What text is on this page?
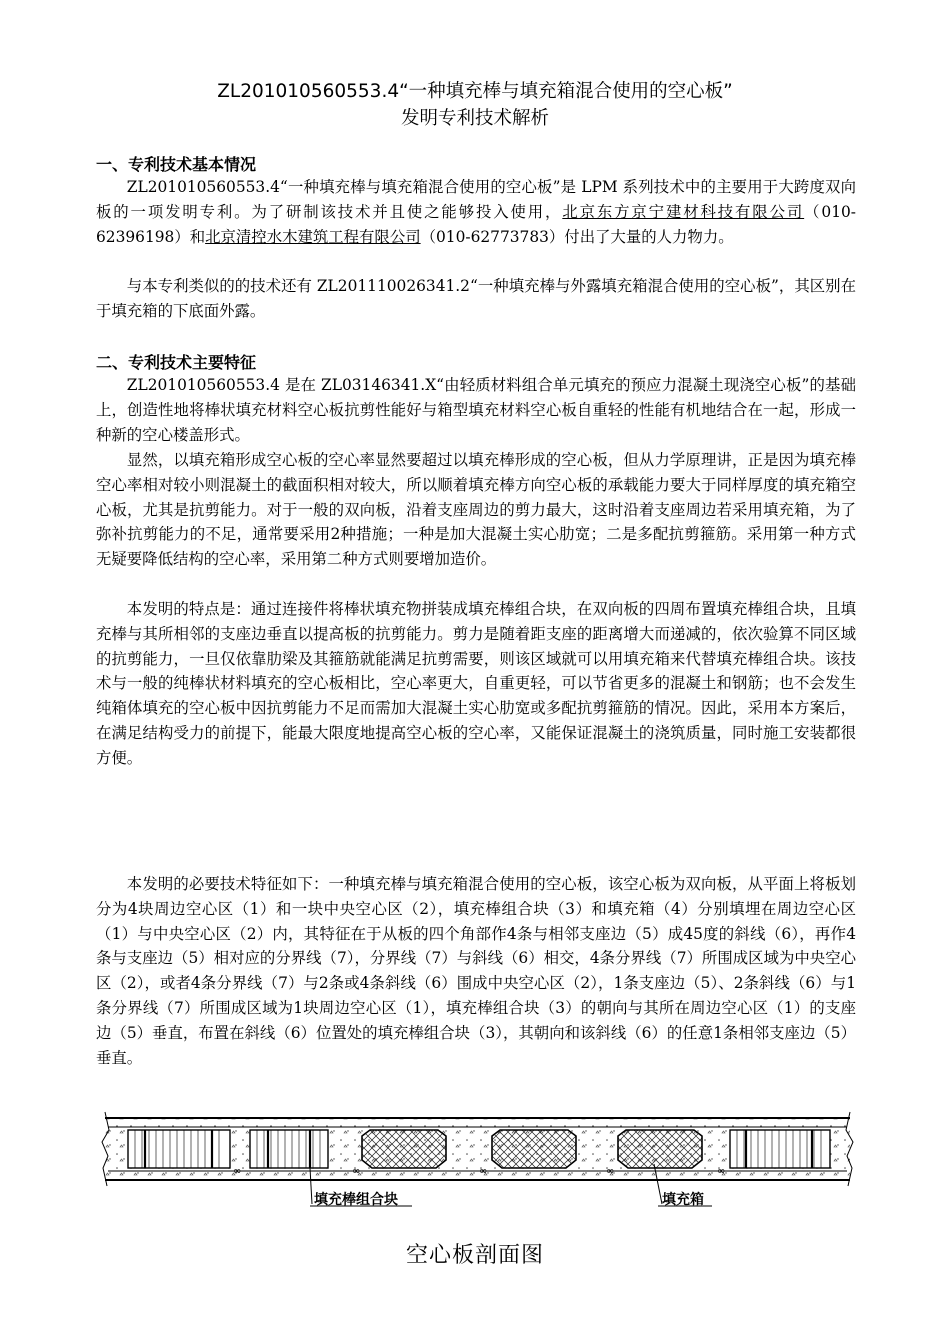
ZL201010560553.4“一种填充棒与填充箱混合使用的空心板”
发明专利技术解析
一、专利技术基本情况
ZL201010560553.4“一种填充棒与填充箱混合使用的空心板”是 LPM 系列技术中的主要用于大跨度双向板的一项发明专利。为了研制该技术并且使之能够投入使用，北京东方京宁建材科技有限公司（010-62396198）和北京清控水木建筑工程有限公司（010-62773783）付出了大量的人力物力。
与本专利类似的的技术还有 ZL201110026341.2“一种填充棒与外露填充箱混合使用的空心板”，其区别在于填充箱的下底面外露。
二、专利技术主要特征
ZL201010560553.4 是在 ZL03146341.X“由轻质材料组合单元填充的预应力混凝土现浇空心板”的基础上，创造性地将棒状填充材料空心板抗剪性能好与箱型填充材料空心板自重轻的性能有机地结合在一起，形成一种新的空心楼盖形式。
显然，以填充箱形成空心板的空心率显然要超过以填充棒形成的空心板，但从力学原理讲，正是因为填充棒空心率相对较小则混凝土的截面积相对较大，所以顺着填充棒方向空心板的承载能力要大于同样厚度的填充箱空心板，尤其是抗剪能力。对于一般的双向板，沿着支座周边的剪力最大，这时沿着支座周边若采用填充箱，为了弥补抗剪能力的不足，通常要采用2种措施；一种是加大混凝土实心肋宽；二是多配抗剪箍筋。采用第一种方式无疑要降低结构的空心率，采用第二种方式则要增加造价。
本发明的特点是：通过连接件将棒状填充物拼装成填充棒组合块，在双向板的四周布置填充棒组合块，且填充棒与其所相邻的支座边垂直以提高板的抗剪能力。剪力是随着距支座的距离增大而递减的，依次验算不同区域的抗剪能力，一旦仅依靠肋梁及其箍筋就能满足抗剪需要，则该区域就可以用填充箱来代替填充棒组合块。该技术与一般的纯棒状材料填充的空心板相比，空心率更大，自重更轻，可以节省更多的混凝土和钢筋；也不会发生纯箱体填充的空心板中因抗剪能力不足而需加大混凝土实心肋宽或多配抗剪箍筋的情况。因此，采用本方案后，在满足结构受力的前提下，能最大限度地提高空心板的空心率，又能保证混凝土的浇筑质量，同时施工安装都很方便。
本发明的必要技术特征如下：一种填充棒与填充箱混合使用的空心板，该空心板为双向板，从平面上将板划分为4块周边空心区（1）和一块中央空心区（2），填充棒组合块（3）和填充箱（4）分别填埋在周边空心区（1）与中央空心区（2）内，其特征在于从板的四个角部作4条与相邻支座边（5）成45度的斜线（6），再作4条与支座边（5）相对应的分界线（7），分界线（7）与斜线（6）相交，4条分界线（7）所围成区域为中央空心区（2），或者4条分界线（7）与2条或4条斜线（6）围成中央空心区（2），1条支座边（5）、2条斜线（6）与1条分界线（7）所围成区域为1块周边空心区（1），填充棒组合块（3）的朝向与其所在周边空心区（1）的支座边（5）垂直，布置在斜线（6）位置处的填充棒组合块（3），其朝向和该斜线（6）的任意1条相邻支座边（5）垂直。
∞	∞	∞	∞	∞
填充棒组合块	填充箱
空心板剖面图
